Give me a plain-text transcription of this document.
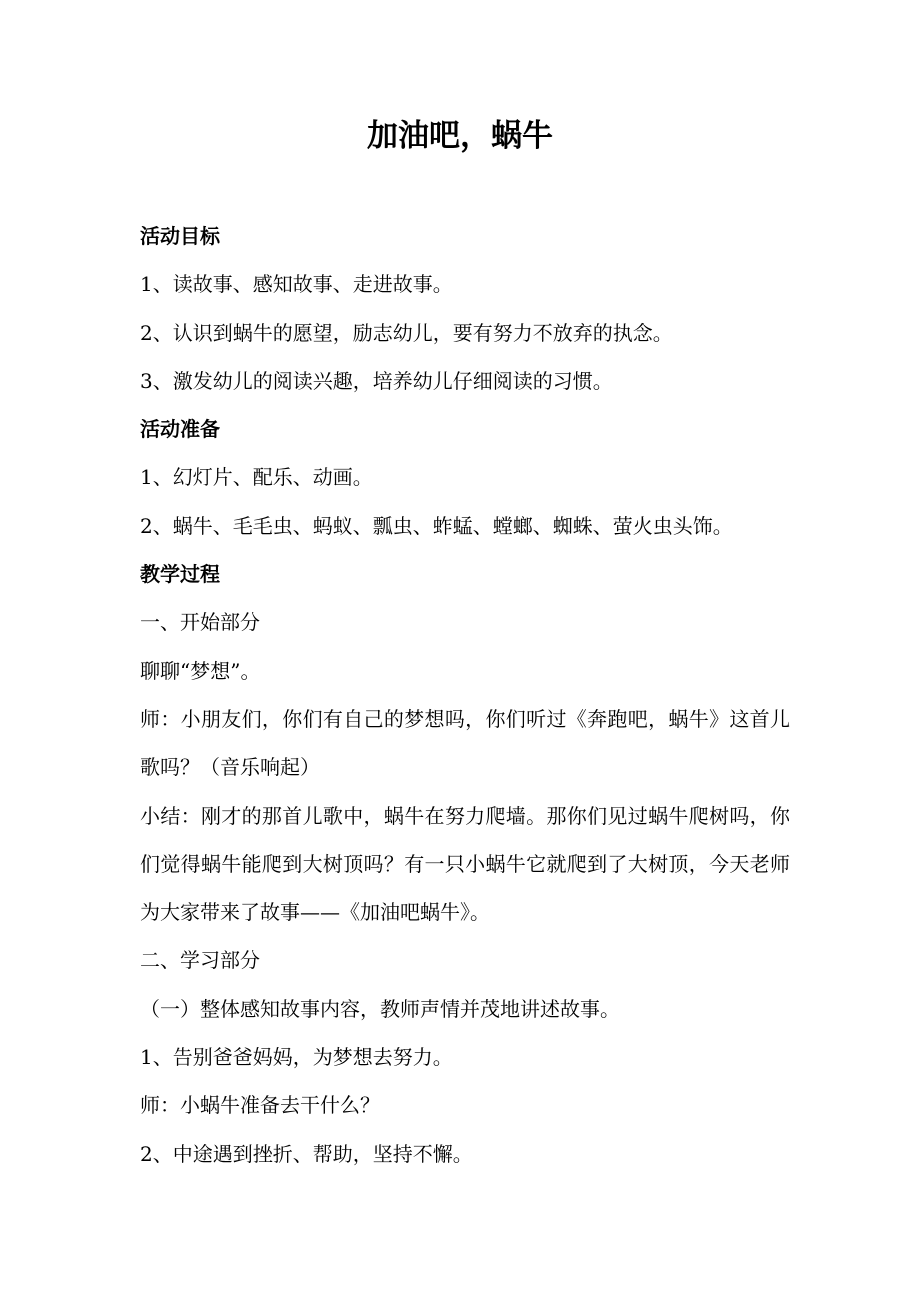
加油吧，蜗牛
活动目标
1、读故事、感知故事、走进故事。
2、认识到蜗牛的愿望，励志幼儿，要有努力不放弃的执念。
3、激发幼儿的阅读兴趣，培养幼儿仔细阅读的习惯。
活动准备
1、幻灯片、配乐、动画。
2、蜗牛、毛毛虫、蚂蚁、瓢虫、蚱蜢、螳螂、蜘蛛、萤火虫头饰。
教学过程
一、开始部分
聊聊“梦想”。
师：小朋友们，你们有自己的梦想吗，你们听过《奔跑吧，蜗牛》这首儿歌吗？（音乐响起）
小结：刚才的那首儿歌中，蜗牛在努力爬墙。那你们见过蜗牛爬树吗，你们觉得蜗牛能爬到大树顶吗？有一只小蜗牛它就爬到了大树顶，今天老师为大家带来了故事——《加油吧蜗牛》。
二、学习部分
（一）整体感知故事内容，教师声情并茂地讲述故事。
1、告别爸爸妈妈，为梦想去努力。
师：小蜗牛准备去干什么？
2、中途遇到挫折、帮助，坚持不懈。
